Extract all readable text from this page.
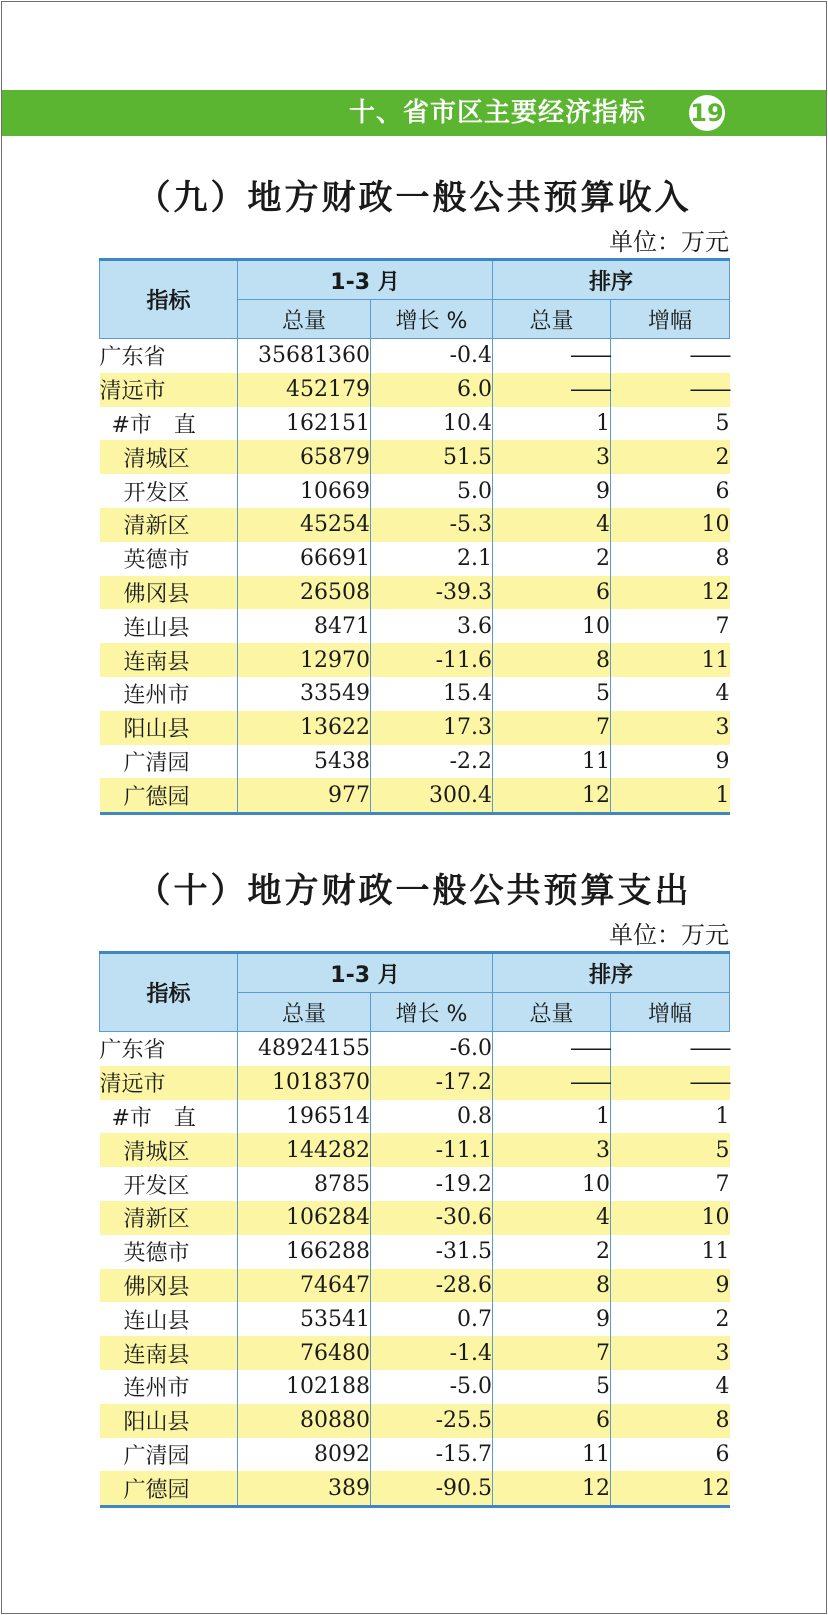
十、省市区主要经济指标 19
（九）地方财政一般公共预算收入
单位：万元
指标	1-3 月		排序	
	总量	增长 %	总量	增幅
广东省	35681360	-0.4	——	——
清远市	452179	6.0	——	——
#市　直	162151	10.4	1	5
清城区	65879	51.5	3	2
开发区	10669	5.0	9	6
清新区	45254	-5.3	4	10
英德市	66691	2.1	2	8
佛冈县	26508	-39.3	6	12
连山县	8471	3.6	10	7
连南县	12970	-11.6	8	11
连州市	33549	15.4	5	4
阳山县	13622	17.3	7	3
广清园	5438	-2.2	11	9
广德园	977	300.4	12	1
（十）地方财政一般公共预算支出
单位：万元
指标	1-3 月		排序	
	总量	增长 %	总量	增幅
广东省	48924155	-6.0	——	——
清远市	1018370	-17.2	——	——
#市　直	196514	0.8	1	1
清城区	144282	-11.1	3	5
开发区	8785	-19.2	10	7
清新区	106284	-30.6	4	10
英德市	166288	-31.5	2	11
佛冈县	74647	-28.6	8	9
连山县	53541	0.7	9	2
连南县	76480	-1.4	7	3
连州市	102188	-5.0	5	4
阳山县	80880	-25.5	6	8
广清园	8092	-15.7	11	6
广德园	389	-90.5	12	12
